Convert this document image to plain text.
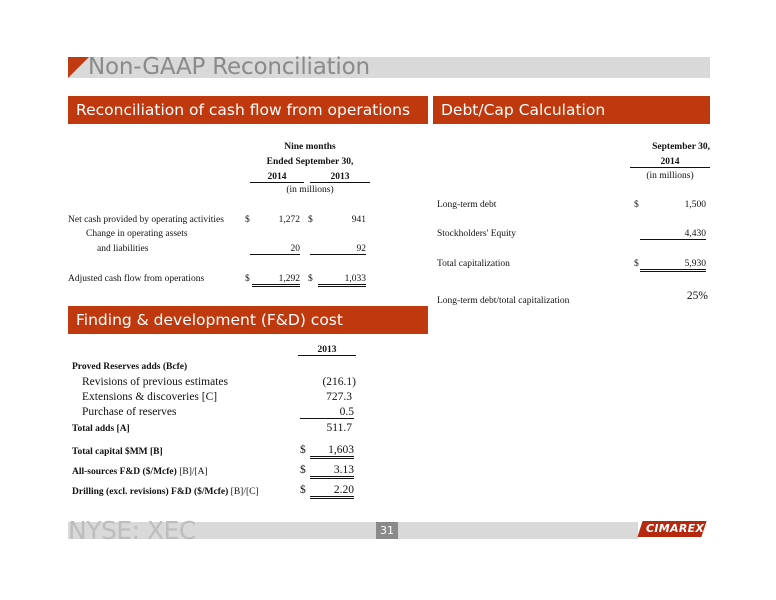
Non-GAAP Reconciliation
Reconciliation of cash flow from operations
Nine months
Ended September 30,
2014	2013
(in millions)
Net cash provided by operating activities $	1,272 $	941
Change in operating assets
and liabilities	20	92
Adjusted cash flow from operations	$	1,292 $	1,033
Debt/Cap Calculation
September 30,
2014
(in millions)
Long-term debt	$	1,500
Stockholders' Equity	4,430
Total capitalization	$	5,930
Long-term debt/total capitalization	25%
Finding & development (F&D) cost
2013
Proved Reserves adds (Bcfe)
Revisions of previous estimates	(216.1)
Extensions & discoveries [C]	727.3
Purchase of reserves	0.5
Total adds [A]	511.7
Total capital $MM [B]	$	1,603
All-sources F&D ($/Mcfe) [B]/[A]	$	3.13
Drilling (excl. revisions) F&D ($/Mcfe) [B]/[C]	$	2.20
NYSE: XEC	31	CIMAREX
